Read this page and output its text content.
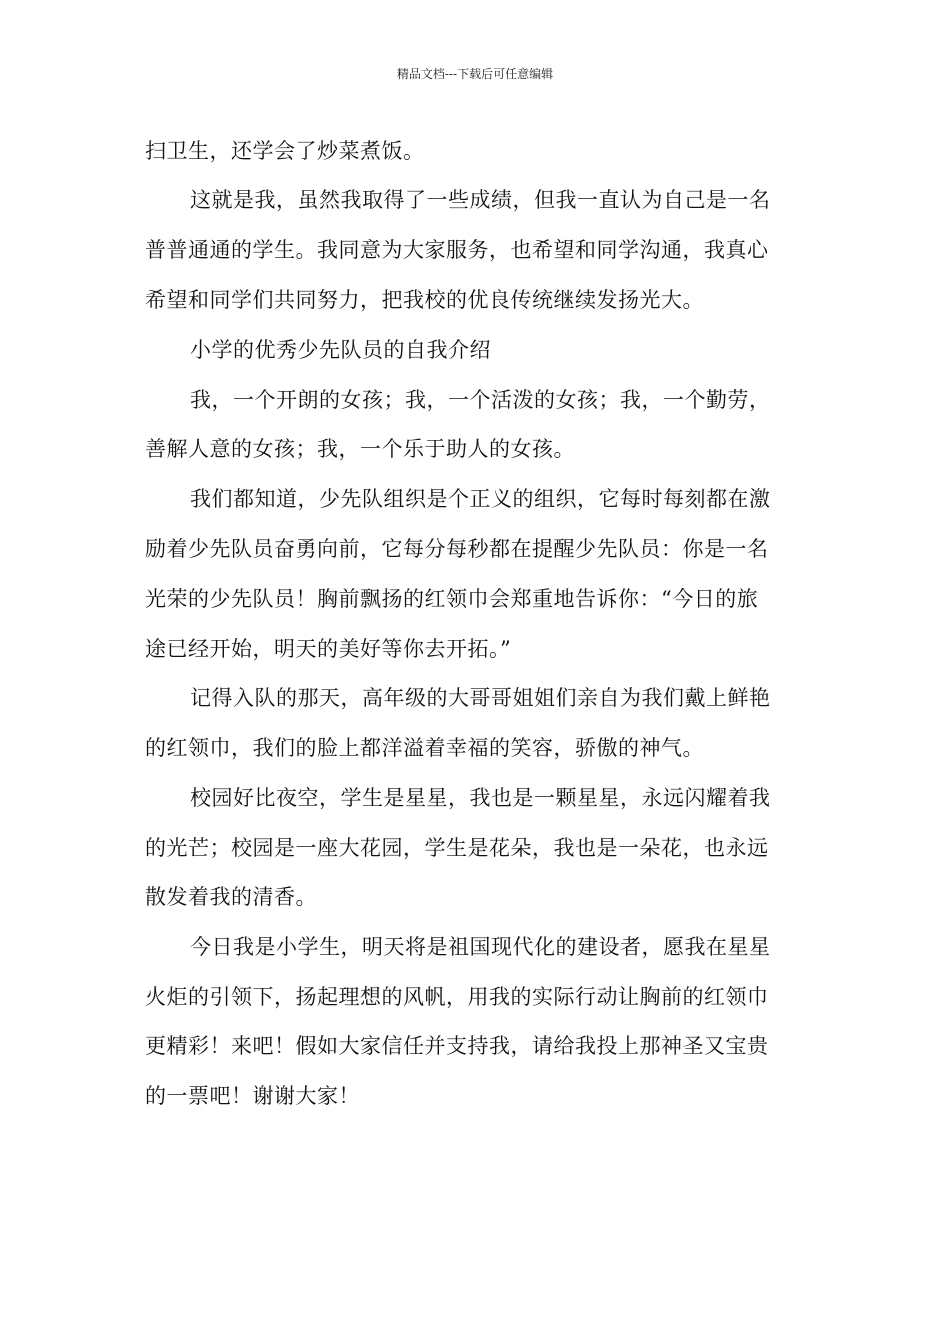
精品文档---下载后可任意编辑
扫卫生，还学会了炒菜煮饭。
这就是我，虽然我取得了一些成绩，但我一直认为自己是一名
普普通通的学生。我同意为大家服务，也希望和同学沟通，我真心
希望和同学们共同努力，把我校的优良传统继续发扬光大。
小学的优秀少先队员的自我介绍
我，一个开朗的女孩；我，一个活泼的女孩；我，一个勤劳，
善解人意的女孩；我，一个乐于助人的女孩。
我们都知道，少先队组织是个正义的组织，它每时每刻都在激
励着少先队员奋勇向前，它每分每秒都在提醒少先队员：你是一名
光荣的少先队员！胸前飘扬的红领巾会郑重地告诉你：“今日的旅
途已经开始，明天的美好等你去开拓。”
记得入队的那天，高年级的大哥哥姐姐们亲自为我们戴上鲜艳
的红领巾，我们的脸上都洋溢着幸福的笑容，骄傲的神气。
校园好比夜空，学生是星星，我也是一颗星星，永远闪耀着我
的光芒；校园是一座大花园，学生是花朵，我也是一朵花，也永远
散发着我的清香。
今日我是小学生，明天将是祖国现代化的建设者，愿我在星星
火炬的引领下，扬起理想的风帆，用我的实际行动让胸前的红领巾
更精彩！来吧！假如大家信任并支持我，请给我投上那神圣又宝贵
的一票吧！谢谢大家！
